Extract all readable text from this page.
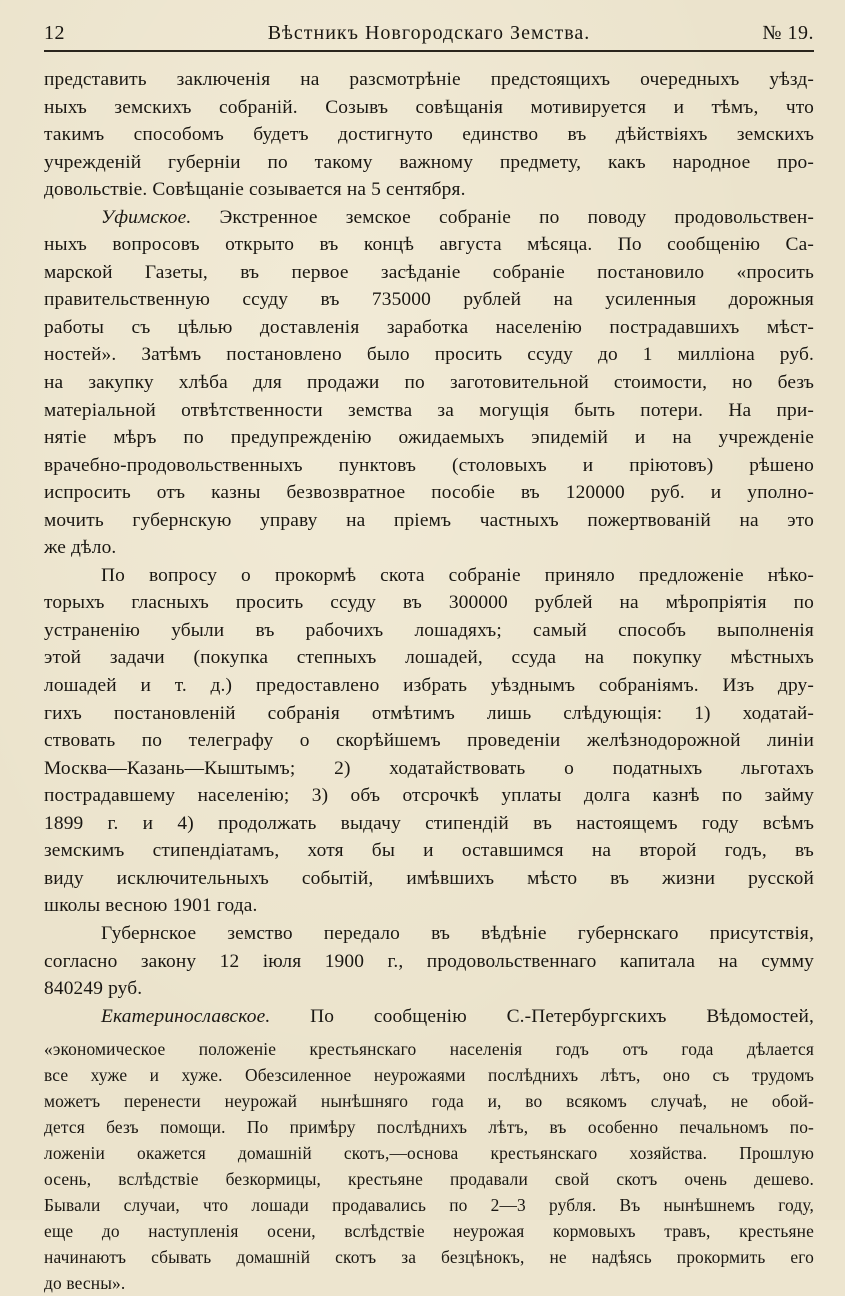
12	Вѣстникъ Новгородскаго Земства.	№ 19.
представить заключенія на разсмотрѣніе предстоящихъ очередныхъ уѣзд-
ныхъ земскихъ собраній. Созывъ совѣщанія мотивируется и тѣмъ, что
такимъ способомъ будетъ достигнуто единство въ дѣйствіяхъ земскихъ
учрежденій губерніи по такому важному предмету, какъ народное про-
довольствіе. Совѣщаніе созывается на 5 сентября.
Уфимское. Экстренное земское собраніе по поводу продовольствен-
ныхъ вопросовъ открыто въ концѣ августа мѣсяца. По сообщенію Са-
марской Газеты, въ первое засѣданіе собраніе постановило «просить
правительственную ссуду въ 735000 рублей на усиленныя дорожныя
работы съ цѣлью доставленія заработка населенію пострадавшихъ мѣст-
ностей». Затѣмъ постановлено было просить ссуду до 1 милліона руб.
на закупку хлѣба для продажи по заготовительной стоимости, но безъ
матеріальной отвѣтственности земства за могущія быть потери. На при-
нятіе мѣръ по предупрежденію ожидаемыхъ эпидемій и на учрежденіе
врачебно-продовольственныхъ пунктовъ (столовыхъ и пріютовъ) рѣшено
испросить отъ казны безвозвратное пособіе въ 120000 руб. и уполно-
мочить губернскую управу на пріемъ частныхъ пожертвованій на это
же дѣло.
По вопросу о прокормѣ скота собраніе приняло предложеніе нѣко-
торыхъ гласныхъ просить ссуду въ 300000 рублей на мѣропріятія по
устраненію убыли въ рабочихъ лошадяхъ; самый способъ выполненія
этой задачи (покупка степныхъ лошадей, ссуда на покупку мѣстныхъ
лошадей и т. д.) предоставлено избрать уѣзднымъ собраніямъ. Изъ дру-
гихъ постановленій собранія отмѣтимъ лишь слѣдующія: 1) ходатай-
ствовать по телеграфу о скорѣйшемъ проведеніи желѣзнодорожной линіи
Москва—Казань—Кыштымъ; 2) ходатайствовать о податныхъ льготахъ
пострадавшему населенію; 3) объ отсрочкѣ уплаты долга казнѣ по займу
1899 г. и 4) продолжать выдачу стипендій въ настоящемъ году всѣмъ
земскимъ стипендіатамъ, хотя бы и оставшимся на второй годъ, въ
виду исключительныхъ событій, имѣвшихъ мѣсто въ жизни русской
школы весною 1901 года.
Губернское земство передало въ вѣдѣніе губернскаго присутствія,
согласно закону 12 іюля 1900 г., продовольственнаго капитала на сумму
840249 руб.
Екатеринославское. По сообщенію С.-Петербургскихъ Вѣдомостей,
«экономическое положеніе крестьянскаго населенія годъ отъ года дѣлается
все хуже и хуже. Обезсиленное неурожаями послѣднихъ лѣтъ, оно съ трудомъ
можетъ перенести неурожай нынѣшняго года и, во всякомъ случаѣ, не обой-
дется безъ помощи. По примѣру послѣднихъ лѣтъ, въ особенно печальномъ по-
ложеніи окажется домашній скотъ,—основа крестьянскаго хозяйства. Прошлую
осень, вслѣдствіе безкормицы, крестьяне продавали свой скотъ очень дешево.
Бывали случаи, что лошади продавались по 2—3 рубля. Въ нынѣшнемъ году,
еще до наступленія осени, вслѣдствіе неурожая кормовыхъ травъ, крестьяне
начинаютъ сбывать домашній скотъ за безцѣнокъ, не надѣясь прокормить его
до весны».
